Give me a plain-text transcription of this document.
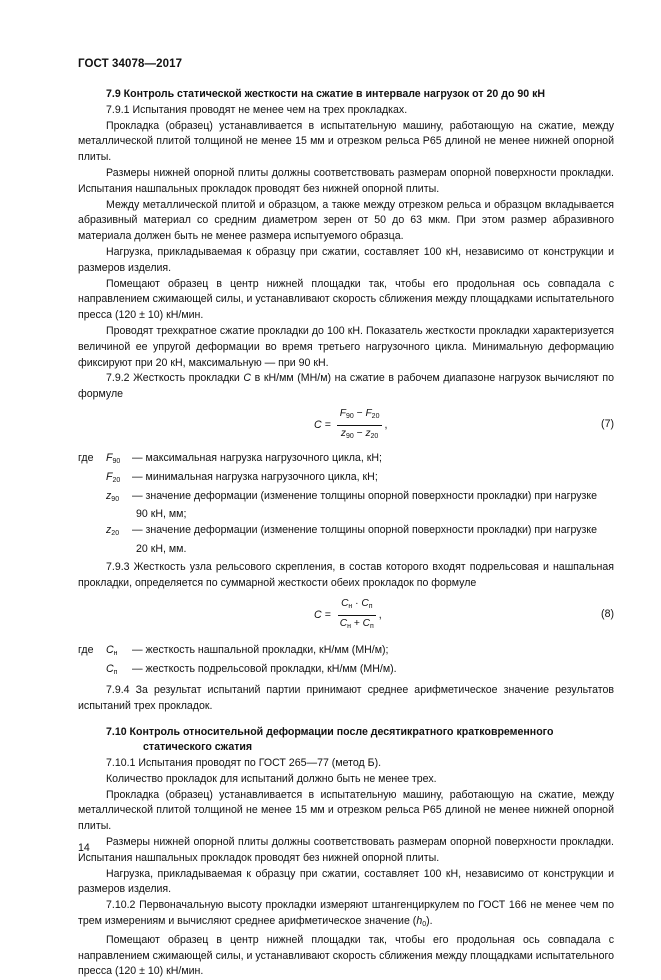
ГОСТ 34078—2017
7.9 Контроль статической жесткости на сжатие в интервале нагрузок от 20 до 90 кН

7.9.1 Испытания проводят не менее чем на трех прокладках.

Прокладка (образец) устанавливается в испытательную машину, работающую на сжатие, между металлической плитой толщиной не менее 15 мм и отрезком рельса Р65 длиной не менее нижней опорной плиты.

Размеры нижней опорной плиты должны соответствовать размерам опорной поверхности прокладки. Испытания нашпальных прокладок проводят без нижней опорной плиты.

Между металлической плитой и образцом, а также между отрезком рельса и образцом вкладывается абразивный материал со средним диаметром зерен от 50 до 63 мкм. При этом размер абразивного материала должен быть не менее размера испытуемого образца.

Нагрузка, прикладываемая к образцу при сжатии, составляет 100 кН, независимо от конструкции и размеров изделия.

Помещают образец в центр нижней площадки так, чтобы его продольная ось совпадала с направлением сжимающей силы, и устанавливают скорость сближения между площадками испытательного пресса (120 ± 10) кН/мин.

Проводят трехкратное сжатие прокладки до 100 кН. Показатель жесткости прокладки характеризуется величиной ее упругой деформации во время третьего нагрузочного цикла. Минимальную деформацию фиксируют при 20 кН, максимальную — при 90 кН.

7.9.2 Жесткость прокладки C в кН/мм (МН/м) на сжатие в рабочем диапазоне нагрузок вычисляют по формуле

$C = \frac{F_{90} - F_{20}}{z_{90} - z_{20}}$ ,	(7)
где	$F_{90}$	— максимальная нагрузка нагрузочного цикла, кН;
$F_{20}$	— минимальная нагрузка нагрузочного цикла, кН;
$z_{90}$	— значение деформации (изменение толщины опорной поверхности прокладки) при нагрузке
90 кН, мм;
$z_{20}$	— значение деформации (изменение толщины опорной поверхности прокладки) при нагрузке
20 кН, мм.

7.9.3 Жесткость узла рельсового скрепления, в состав которого входят подрельсовая и нашпальная прокладки, определяется по суммарной жесткости обеих прокладок по формуле

$C = \frac{C_н \cdot C_п}{C_н + C_п}$ ,	(8)
где	$C_н$	— жесткость нашпальной прокладки, кН/мм (МН/м);
$C_п$	— жесткость подрельсовой прокладки, кН/мм (МН/м).

7.9.4 За результат испытаний партии принимают среднее арифметическое значение результатов испытаний трех прокладок.

7.10 Контроль относительной деформации после десятикратного кратковременного
статического сжатия

7.10.1 Испытания проводят по ГОСТ 265—77 (метод Б).

Количество прокладок для испытаний должно быть не менее трех.

Прокладка (образец) устанавливается в испытательную машину, работающую на сжатие, между металлической плитой толщиной не менее 15 мм и отрезком рельса Р65 длиной не менее нижней опорной плиты.

Размеры нижней опорной плиты должны соответствовать размерам опорной поверхности прокладки. Испытания нашпальных прокладок проводят без нижней опорной плиты.

Нагрузка, прикладываемая к образцу при сжатии, составляет 100 кН, независимо от конструкции и размеров изделия.

7.10.2 Первоначальную высоту прокладки измеряют штангенциркулем по ГОСТ 166 не менее чем по трем измерениям и вычисляют среднее арифметическое значение $(h_0)$.

Помещают образец в центр нижней площадки так, чтобы его продольная ось совпадала с направлением сжимающей силы, и устанавливают скорость сближения между площадками испытательного пресса (120 ± 10) кН/мин.

14
